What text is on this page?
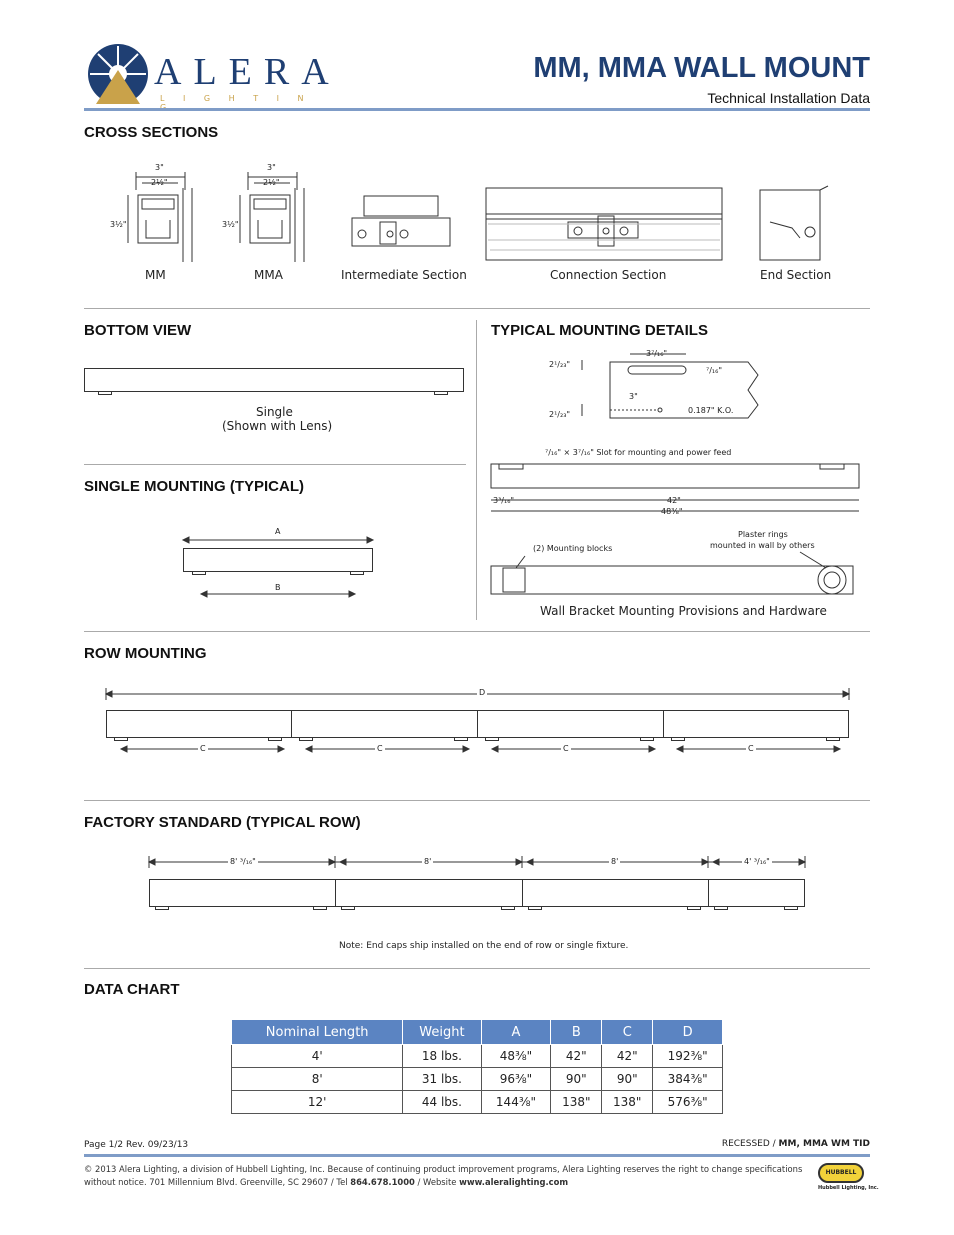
ALERA
L I G H T I N
MM, MMA WALL MOUNT
Technical Installation Data
CROSS SECTIONS
3"
2½"
3½"
3"
2½"
3½"
MM	MMA	Intermediate Section	Connection Section	End Section
BOTTOM VIEW
Single
(Shown with Lens)
SINGLE MOUNTING (TYPICAL)
A
B
TYPICAL MOUNTING DETAILS
2¹/₂₃"
3⁷/₁₆"
⁷/₁₆"
3"
2¹/₂₃"	0.187" K.O.
⁷/₁₆" × 3⁷/₁₆" Slot for mounting and power feed
3³/₁₆"	42"
48⅜"
(2) Mounting blocks
Plaster rings
mounted in wall by others
Wall Bracket Mounting Provisions and Hardware
ROW MOUNTING
D
C	C	C	C
FACTORY STANDARD (TYPICAL ROW)
8' ³/₁₆"	8'	8'	4' ³/₁₆"
Note: End caps ship installed on the end of row or single fixture.
DATA CHART
Nominal Length	Weight	A	B	C	D
4'	18 lbs.	48⅜"	42"	42"	192⅜"
8'	31 lbs.	96⅜"	90"	90"	384⅜"
12'	44 lbs.	144⅜"	138"	138"	576⅜"
Page 1/2 Rev. 09/23/13	RECESSED / MM, MMA WM TID
© 2013 Alera Lighting, a division of Hubbell Lighting, Inc. Because of continuing product improvement programs, Alera Lighting reserves the right to change specifications
without notice. 701 Millennium Blvd. Greenville, SC 29607 / Tel 864.678.1000 / Website www.aleralighting.com
HUBBELL
Hubbell Lighting, Inc.
